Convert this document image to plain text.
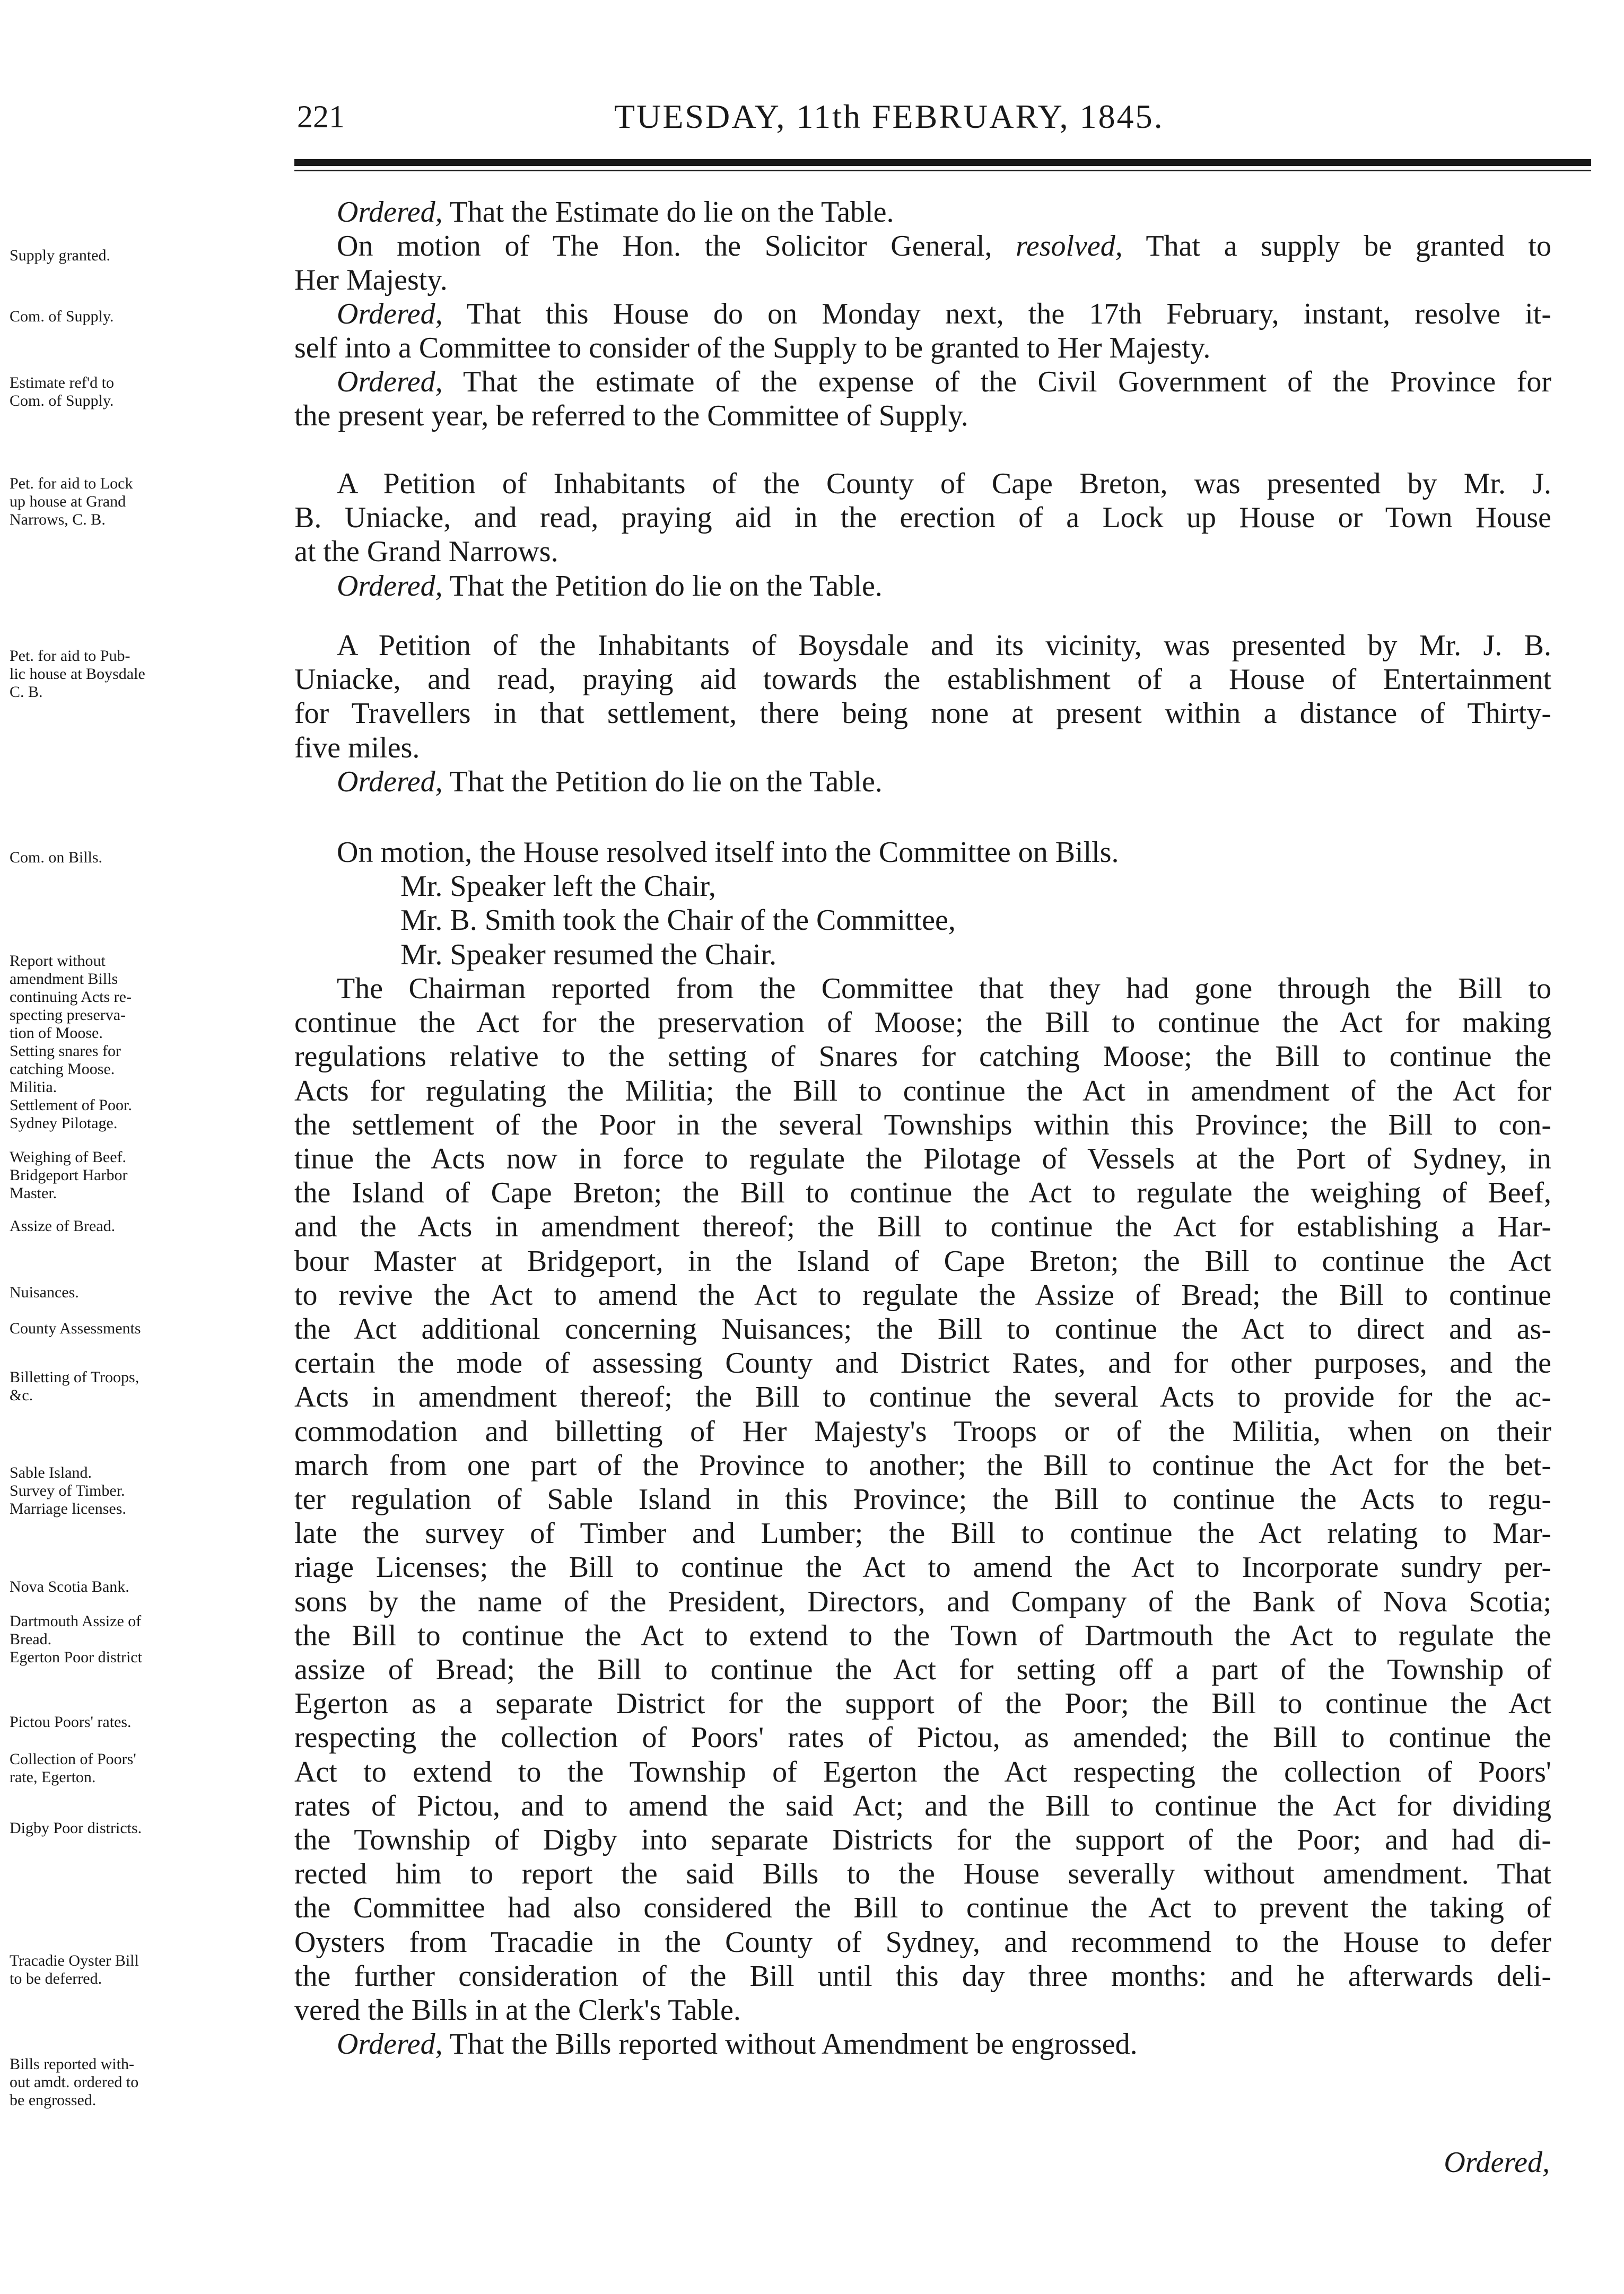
221	TUESDAY, 11th FEBRUARY, 1845.
Ordered, That the Estimate do lie on the Table.
On motion of The Hon. the Solicitor General, resolved, That a supply be granted to
Her Majesty.
Ordered, That this House do on Monday next, the 17th February, instant, resolve it-
self into a Committee to consider of the Supply to be granted to Her Majesty.
Ordered, That the estimate of the expense of the Civil Government of the Province for
the present year, be referred to the Committee of Supply.
A Petition of Inhabitants of the County of Cape Breton, was presented by Mr. J.
B. Uniacke, and read, praying aid in the erection of a Lock up House or Town House
at the Grand Narrows.
Ordered, That the Petition do lie on the Table.
A Petition of the Inhabitants of Boysdale and its vicinity, was presented by Mr. J. B.
Uniacke, and read, praying aid towards the establishment of a House of Entertainment
for Travellers in that settlement, there being none at present within a distance of Thirty-
five miles.
Ordered, That the Petition do lie on the Table.
On motion, the House resolved itself into the Committee on Bills.
Mr. Speaker left the Chair,
Mr. B. Smith took the Chair of the Committee,
Mr. Speaker resumed the Chair.
The Chairman reported from the Committee that they had gone through the Bill to
continue the Act for the preservation of Moose; the Bill to continue the Act for making
regulations relative to the setting of Snares for catching Moose; the Bill to continue the
Acts for regulating the Militia; the Bill to continue the Act in amendment of the Act for
the settlement of the Poor in the several Townships within this Province; the Bill to con-
tinue the Acts now in force to regulate the Pilotage of Vessels at the Port of Sydney, in
the Island of Cape Breton; the Bill to continue the Act to regulate the weighing of Beef,
and the Acts in amendment thereof; the Bill to continue the Act for establishing a Har-
bour Master at Bridgeport, in the Island of Cape Breton; the Bill to continue the Act
to revive the Act to amend the Act to regulate the Assize of Bread; the Bill to continue
the Act additional concerning Nuisances; the Bill to continue the Act to direct and as-
certain the mode of assessing County and District Rates, and for other purposes, and the
Acts in amendment thereof; the Bill to continue the several Acts to provide for the ac-
commodation and billetting of Her Majesty's Troops or of the Militia, when on their
march from one part of the Province to another; the Bill to continue the Act for the bet-
ter regulation of Sable Island in this Province; the Bill to continue the Acts to regu-
late the survey of Timber and Lumber; the Bill to continue the Act relating to Mar-
riage Licenses; the Bill to continue the Act to amend the Act to Incorporate sundry per-
sons by the name of the President, Directors, and Company of the Bank of Nova Scotia;
the Bill to continue the Act to extend to the Town of Dartmouth the Act to regulate the
assize of Bread; the Bill to continue the Act for setting off a part of the Township of
Egerton as a separate District for the support of the Poor; the Bill to continue the Act
respecting the collection of Poors' rates of Pictou, as amended; the Bill to continue the
Act to extend to the Township of Egerton the Act respecting the collection of Poors'
rates of Pictou, and to amend the said Act; and the Bill to continue the Act for dividing
the Township of Digby into separate Districts for the support of the Poor; and had di-
rected him to report the said Bills to the House severally without amendment. That
the Committee had also considered the Bill to continue the Act to prevent the taking of
Oysters from Tracadie in the County of Sydney, and recommend to the House to defer
the further consideration of the Bill until this day three months: and he afterwards deli-
vered the Bills in at the Clerk's Table.
Ordered, That the Bills reported without Amendment be engrossed.
Supply granted.
Com. of Supply.
Estimate ref'd to
Com. of Supply.
Pet. for aid to Lock
up house at Grand
Narrows, C. B.
Pet. for aid to Pub-
lic house at Boysdale
C. B.
Com. on Bills.
Report without
amendment Bills
continuing Acts re-
specting preserva-
tion of Moose.
Setting snares for
catching Moose.
Militia.
Settlement of Poor.
Sydney Pilotage.
Weighing of Beef.
Bridgeport Harbor
Master.
Assize of Bread.
Nuisances.
County Assessments
Billetting of Troops,
&c.
Sable Island.
Survey of Timber.
Marriage licenses.
Nova Scotia Bank.
Dartmouth Assize of
Bread.
Egerton Poor district
Pictou Poors' rates.
Collection of Poors'
rate, Egerton.
Digby Poor districts.
Tracadie Oyster Bill
to be deferred.
Bills reported with-
out amdt. ordered to
be engrossed.
Ordered,
